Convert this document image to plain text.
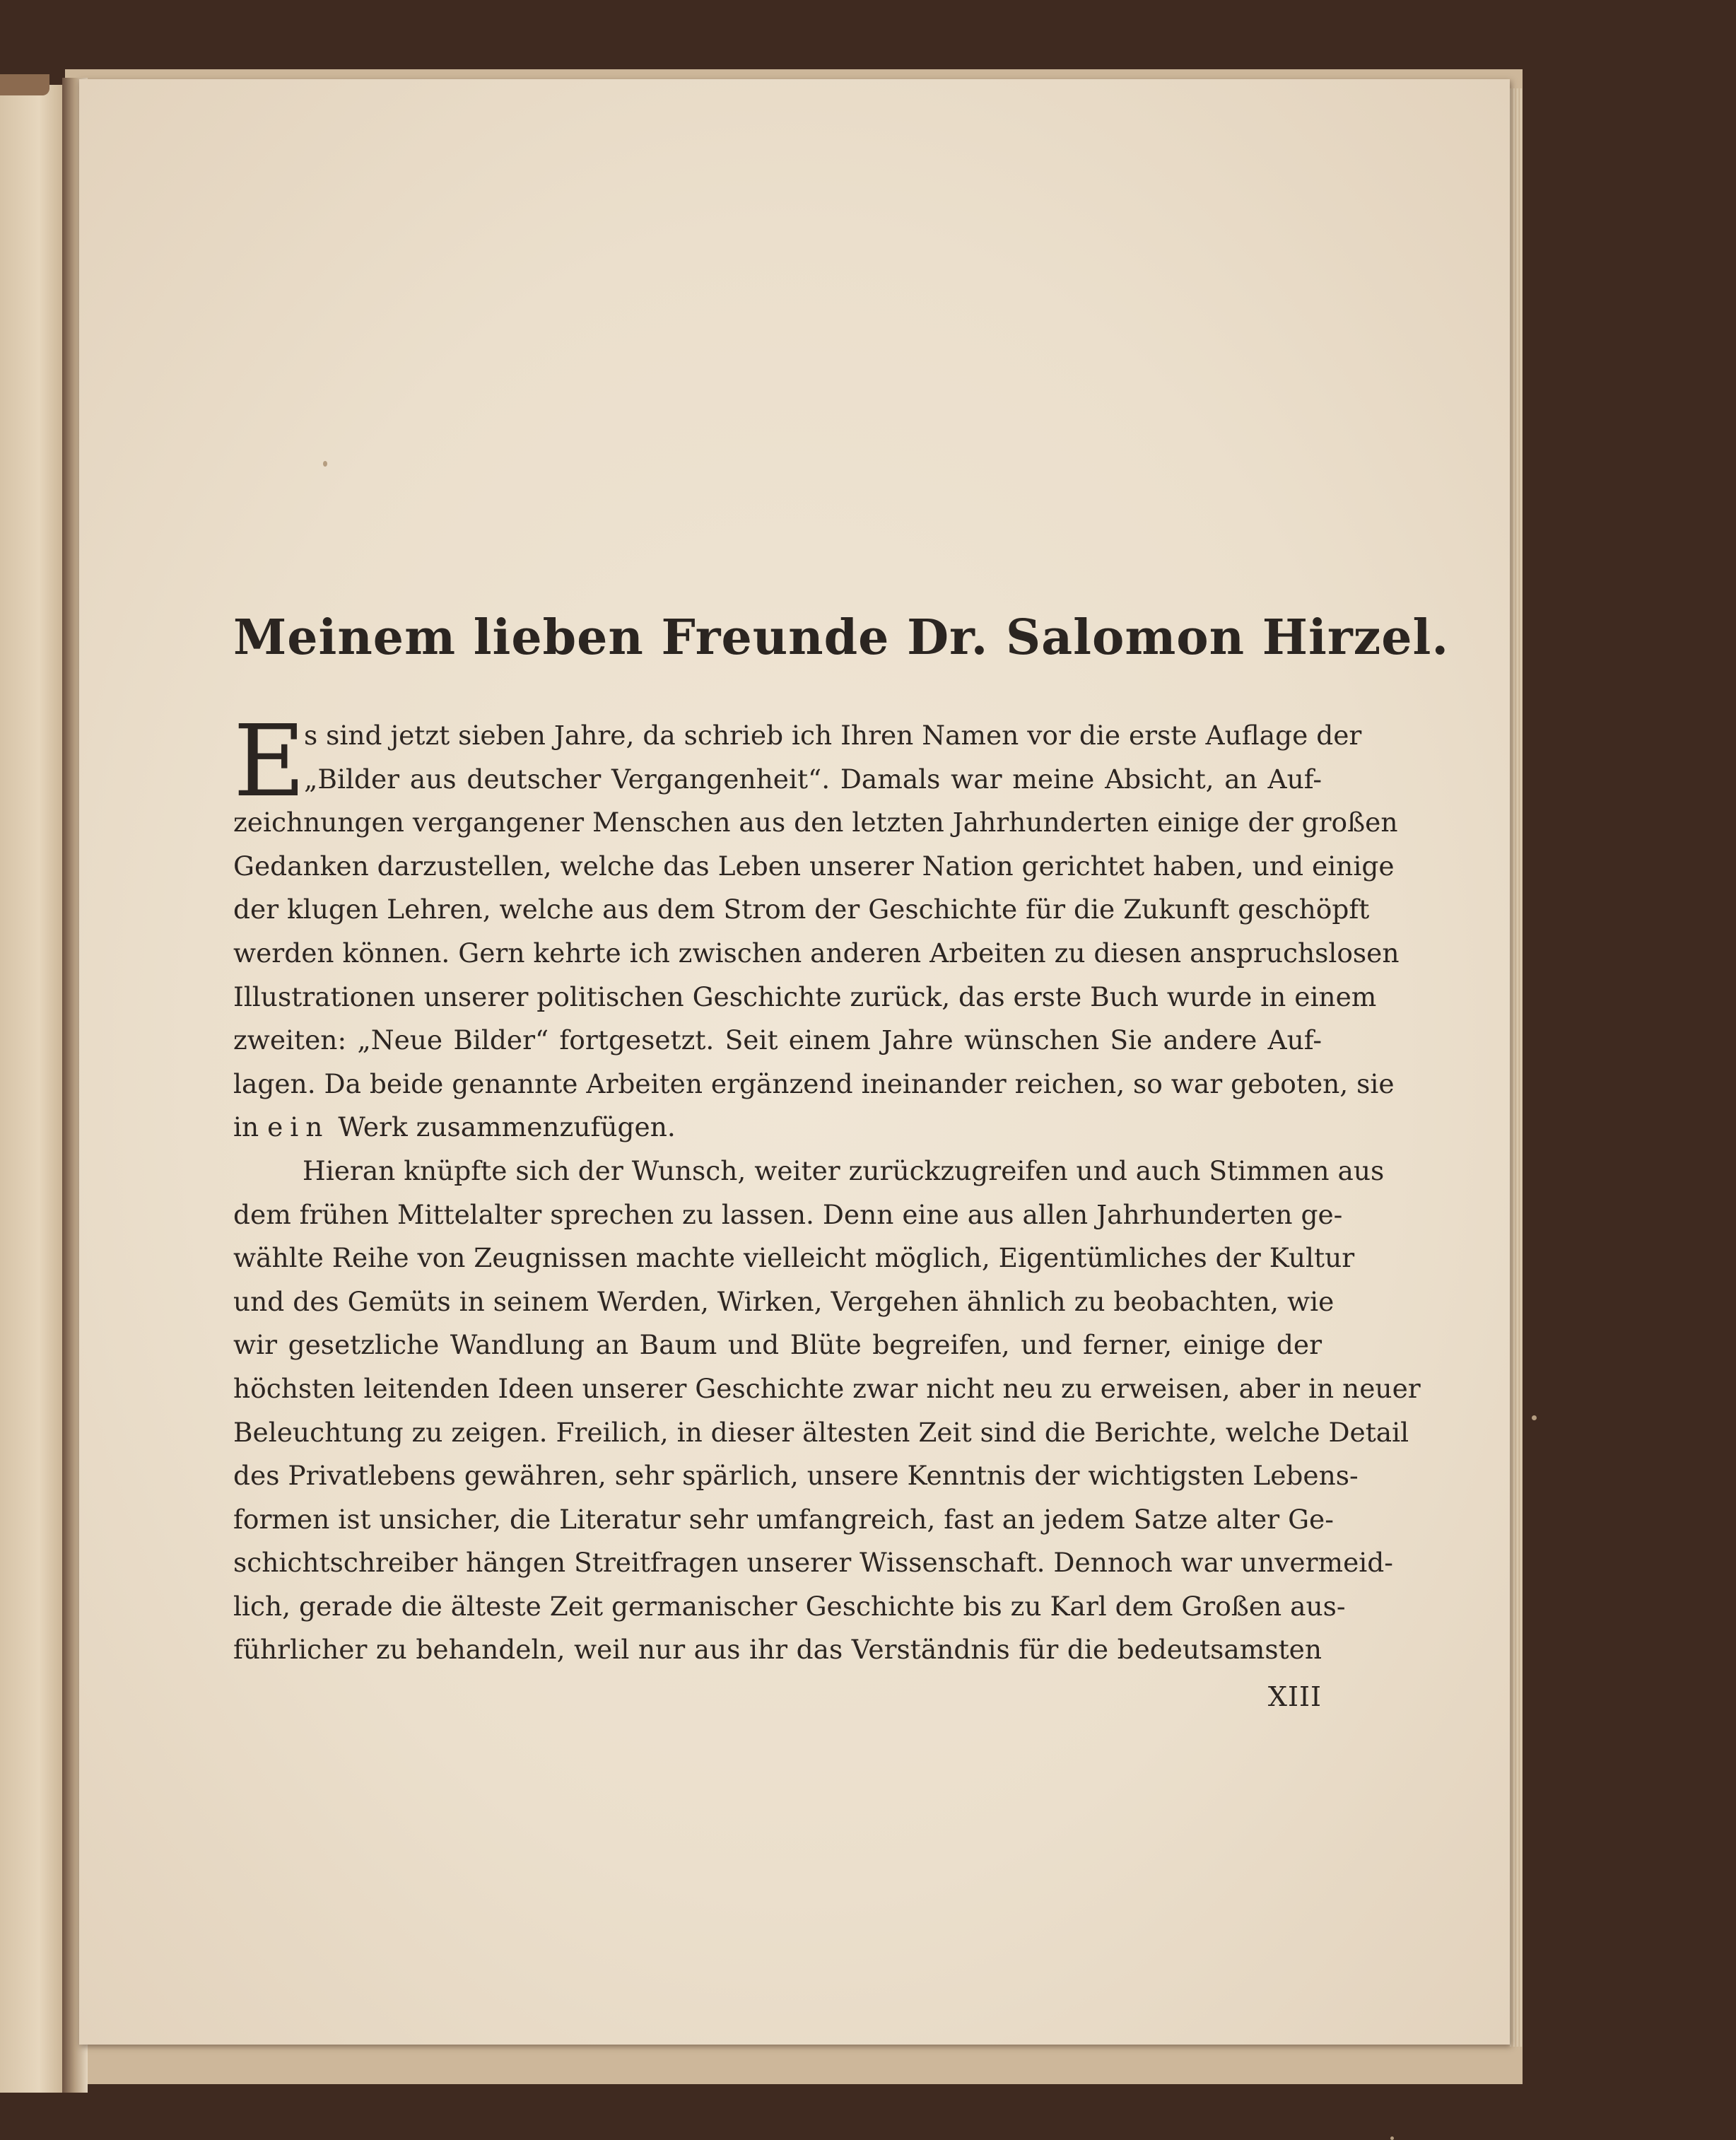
Meinem lieben Freunde Dr. Salomon Hirzel.
E
s sind jetzt sieben Jahre, da schrieb ich Ihren Namen vor die erste Auflage der
„Bilder aus deutscher Vergangenheit“. Damals war meine Absicht, an Auf-
zeichnungen vergangener Menschen aus den letzten Jahrhunderten einige der großen
Gedanken darzustellen, welche das Leben unserer Nation gerichtet haben, und einige
der klugen Lehren, welche aus dem Strom der Geschichte für die Zukunft geschöpft
werden können. Gern kehrte ich zwischen anderen Arbeiten zu diesen anspruchslosen
Illustrationen unserer politischen Geschichte zurück, das erste Buch wurde in einem
zweiten: „Neue Bilder“ fortgesetzt. Seit einem Jahre wünschen Sie andere Auf-
lagen. Da beide genannte Arbeiten ergänzend ineinander reichen, so war geboten, sie
in ein Werk zusammenzufügen.
Hieran knüpfte sich der Wunsch, weiter zurückzugreifen und auch Stimmen aus
dem frühen Mittelalter sprechen zu lassen. Denn eine aus allen Jahrhunderten ge-
wählte Reihe von Zeugnissen machte vielleicht möglich, Eigentümliches der Kultur
und des Gemüts in seinem Werden, Wirken, Vergehen ähnlich zu beobachten, wie
wir gesetzliche Wandlung an Baum und Blüte begreifen, und ferner, einige der
höchsten leitenden Ideen unserer Geschichte zwar nicht neu zu erweisen, aber in neuer
Beleuchtung zu zeigen. Freilich, in dieser ältesten Zeit sind die Berichte, welche Detail
des Privatlebens gewähren, sehr spärlich, unsere Kenntnis der wichtigsten Lebens-
formen ist unsicher, die Literatur sehr umfangreich, fast an jedem Satze alter Ge-
schichtschreiber hängen Streitfragen unserer Wissenschaft. Dennoch war unvermeid-
lich, gerade die älteste Zeit germanischer Geschichte bis zu Karl dem Großen aus-
führlicher zu behandeln, weil nur aus ihr das Verständnis für die bedeutsamsten
XIII
